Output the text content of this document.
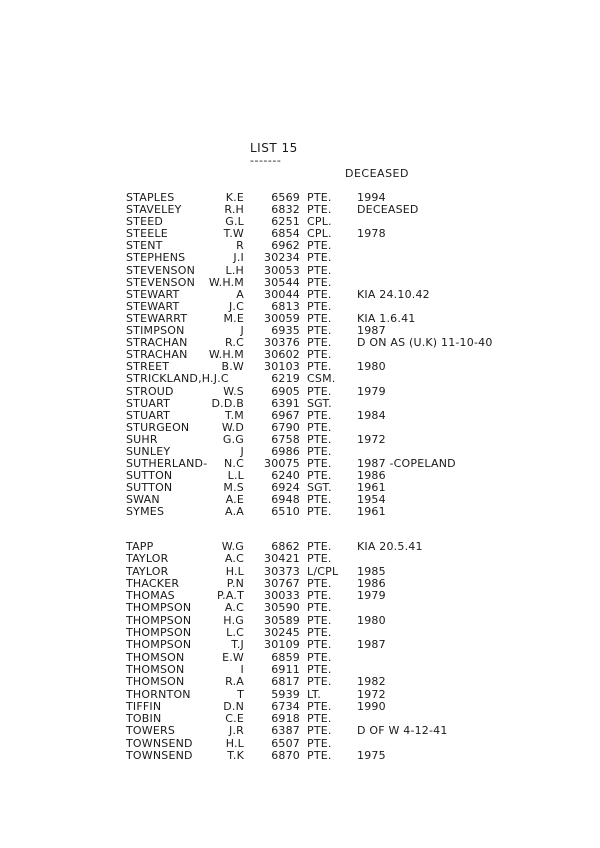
LIST 15
-------
DECEASED
STAPLES	K.E	6569 PTE. 1994
STAVELEY	R.H	6832 PTE. DECEASED
STEED	G.L	6251 CPL.
STEELE	T.W	6854 CPL. 1978
STENT	R	6962 PTE.
STEPHENS	J.I	30234 PTE.
STEVENSON	L.H	30053 PTE.
STEVENSON	W.H.M	30544 PTE.
STEWART	A	30044 PTE. KIA 24.10.42
STEWART	J.C	6813 PTE.
STEWARRT	M.E	30059 PTE. KIA 1.6.41
STIMPSON	J	6935 PTE. 1987
STRACHAN	R.C	30376 PTE. D ON AS (U.K) 11-10-40
STRACHAN	W.H.M	30602 PTE.
STREET	B.W	30103 PTE. 1980
STRICKLAND,H.J.C	6219 CSM.
STROUD	W.S	6905 PTE. 1979
STUART	D.D.B	6391 SGT.
STUART	T.M	6967 PTE. 1984
STURGEON	W.D	6790 PTE.
SUHR	G.G	6758 PTE. 1972
SUNLEY	J	6986 PTE.
SUTHERLAND-	N.C	30075 PTE. 1987 -COPELAND
SUTTON	L.L	6240 PTE. 1986
SUTTON	M.S	6924 SGT. 1961
SWAN	A.E	6948 PTE. 1954
SYMES	A.A	6510 PTE. 1961
TAPP	W.G	6862 PTE. KIA 20.5.41
TAYLOR	A.C	30421 PTE.
TAYLOR	H.L	30373 L/CPL 1985
THACKER	P.N	30767 PTE. 1986
THOMAS	P.A.T	30033 PTE. 1979
THOMPSON	A.C	30590 PTE.
THOMPSON	H.G	30589 PTE. 1980
THOMPSON	L.C	30245 PTE.
THOMPSON	T.J	30109 PTE. 1987
THOMSON	E.W	6859 PTE.
THOMSON	I	6911 PTE.
THOMSON	R.A	6817 PTE. 1982
THORNTON	T	5939 LT.	1972
TIFFIN	D.N	6734 PTE. 1990
TOBIN	C.E	6918 PTE.
TOWERS	J.R	6387 PTE. D OF W 4-12-41
TOWNSEND	H.L	6507 PTE.
TOWNSEND	T.K	6870 PTE. 1975
